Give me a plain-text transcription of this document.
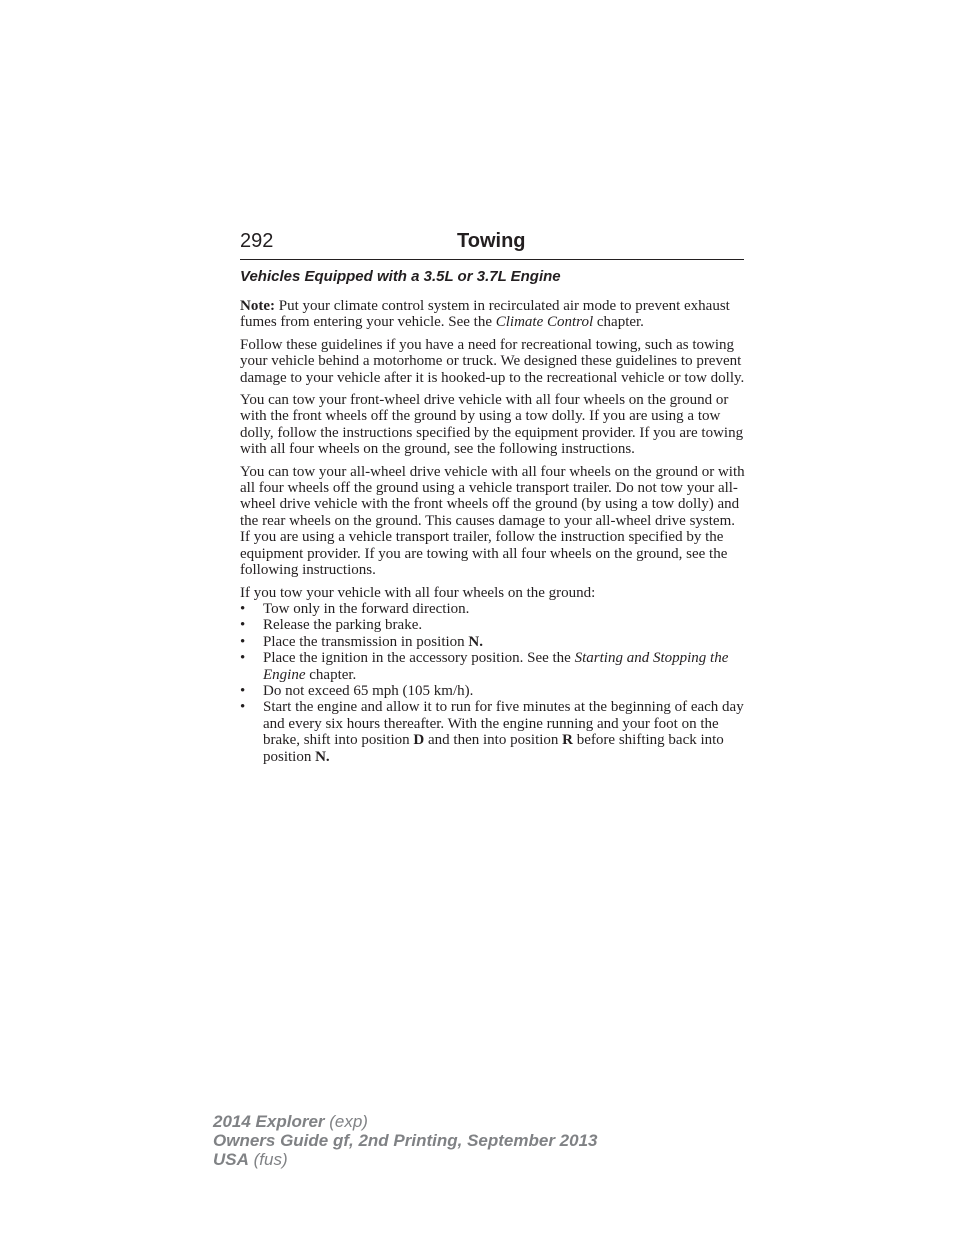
292	Towing
Vehicles Equipped with a 3.5L or 3.7L Engine

Note: Put your climate control system in recirculated air mode to prevent exhaust fumes from entering your vehicle. See the Climate Control chapter.

Follow these guidelines if you have a need for recreational towing, such as towing your vehicle behind a motorhome or truck. We designed these guidelines to prevent damage to your vehicle after it is hooked-up to the recreational vehicle or tow dolly.

You can tow your front-wheel drive vehicle with all four wheels on the ground or with the front wheels off the ground by using a tow dolly. If you are using a tow dolly, follow the instructions specified by the equipment provider. If you are towing with all four wheels on the ground, see the following instructions.

You can tow your all-wheel drive vehicle with all four wheels on the ground or with all four wheels off the ground using a vehicle transport trailer. Do not tow your all-wheel drive vehicle with the front wheels off the ground (by using a tow dolly) and the rear wheels on the ground. This causes damage to your all-wheel drive system. If you are using a vehicle transport trailer, follow the instruction specified by the equipment provider. If you are towing with all four wheels on the ground, see the following instructions.

If you tow your vehicle with all four wheels on the ground:

• Tow only in the forward direction.
• Release the parking brake.
• Place the transmission in position N.
• Place the ignition in the accessory position. See the Starting and Stopping the Engine chapter.
• Do not exceed 65 mph (105 km/h).
• Start the engine and allow it to run for five minutes at the beginning of each day and every six hours thereafter. With the engine running and your foot on the brake, shift into position D and then into position R before shifting back into position N.
2014 Explorer (exp)
Owners Guide gf, 2nd Printing, September 2013
USA (fus)
